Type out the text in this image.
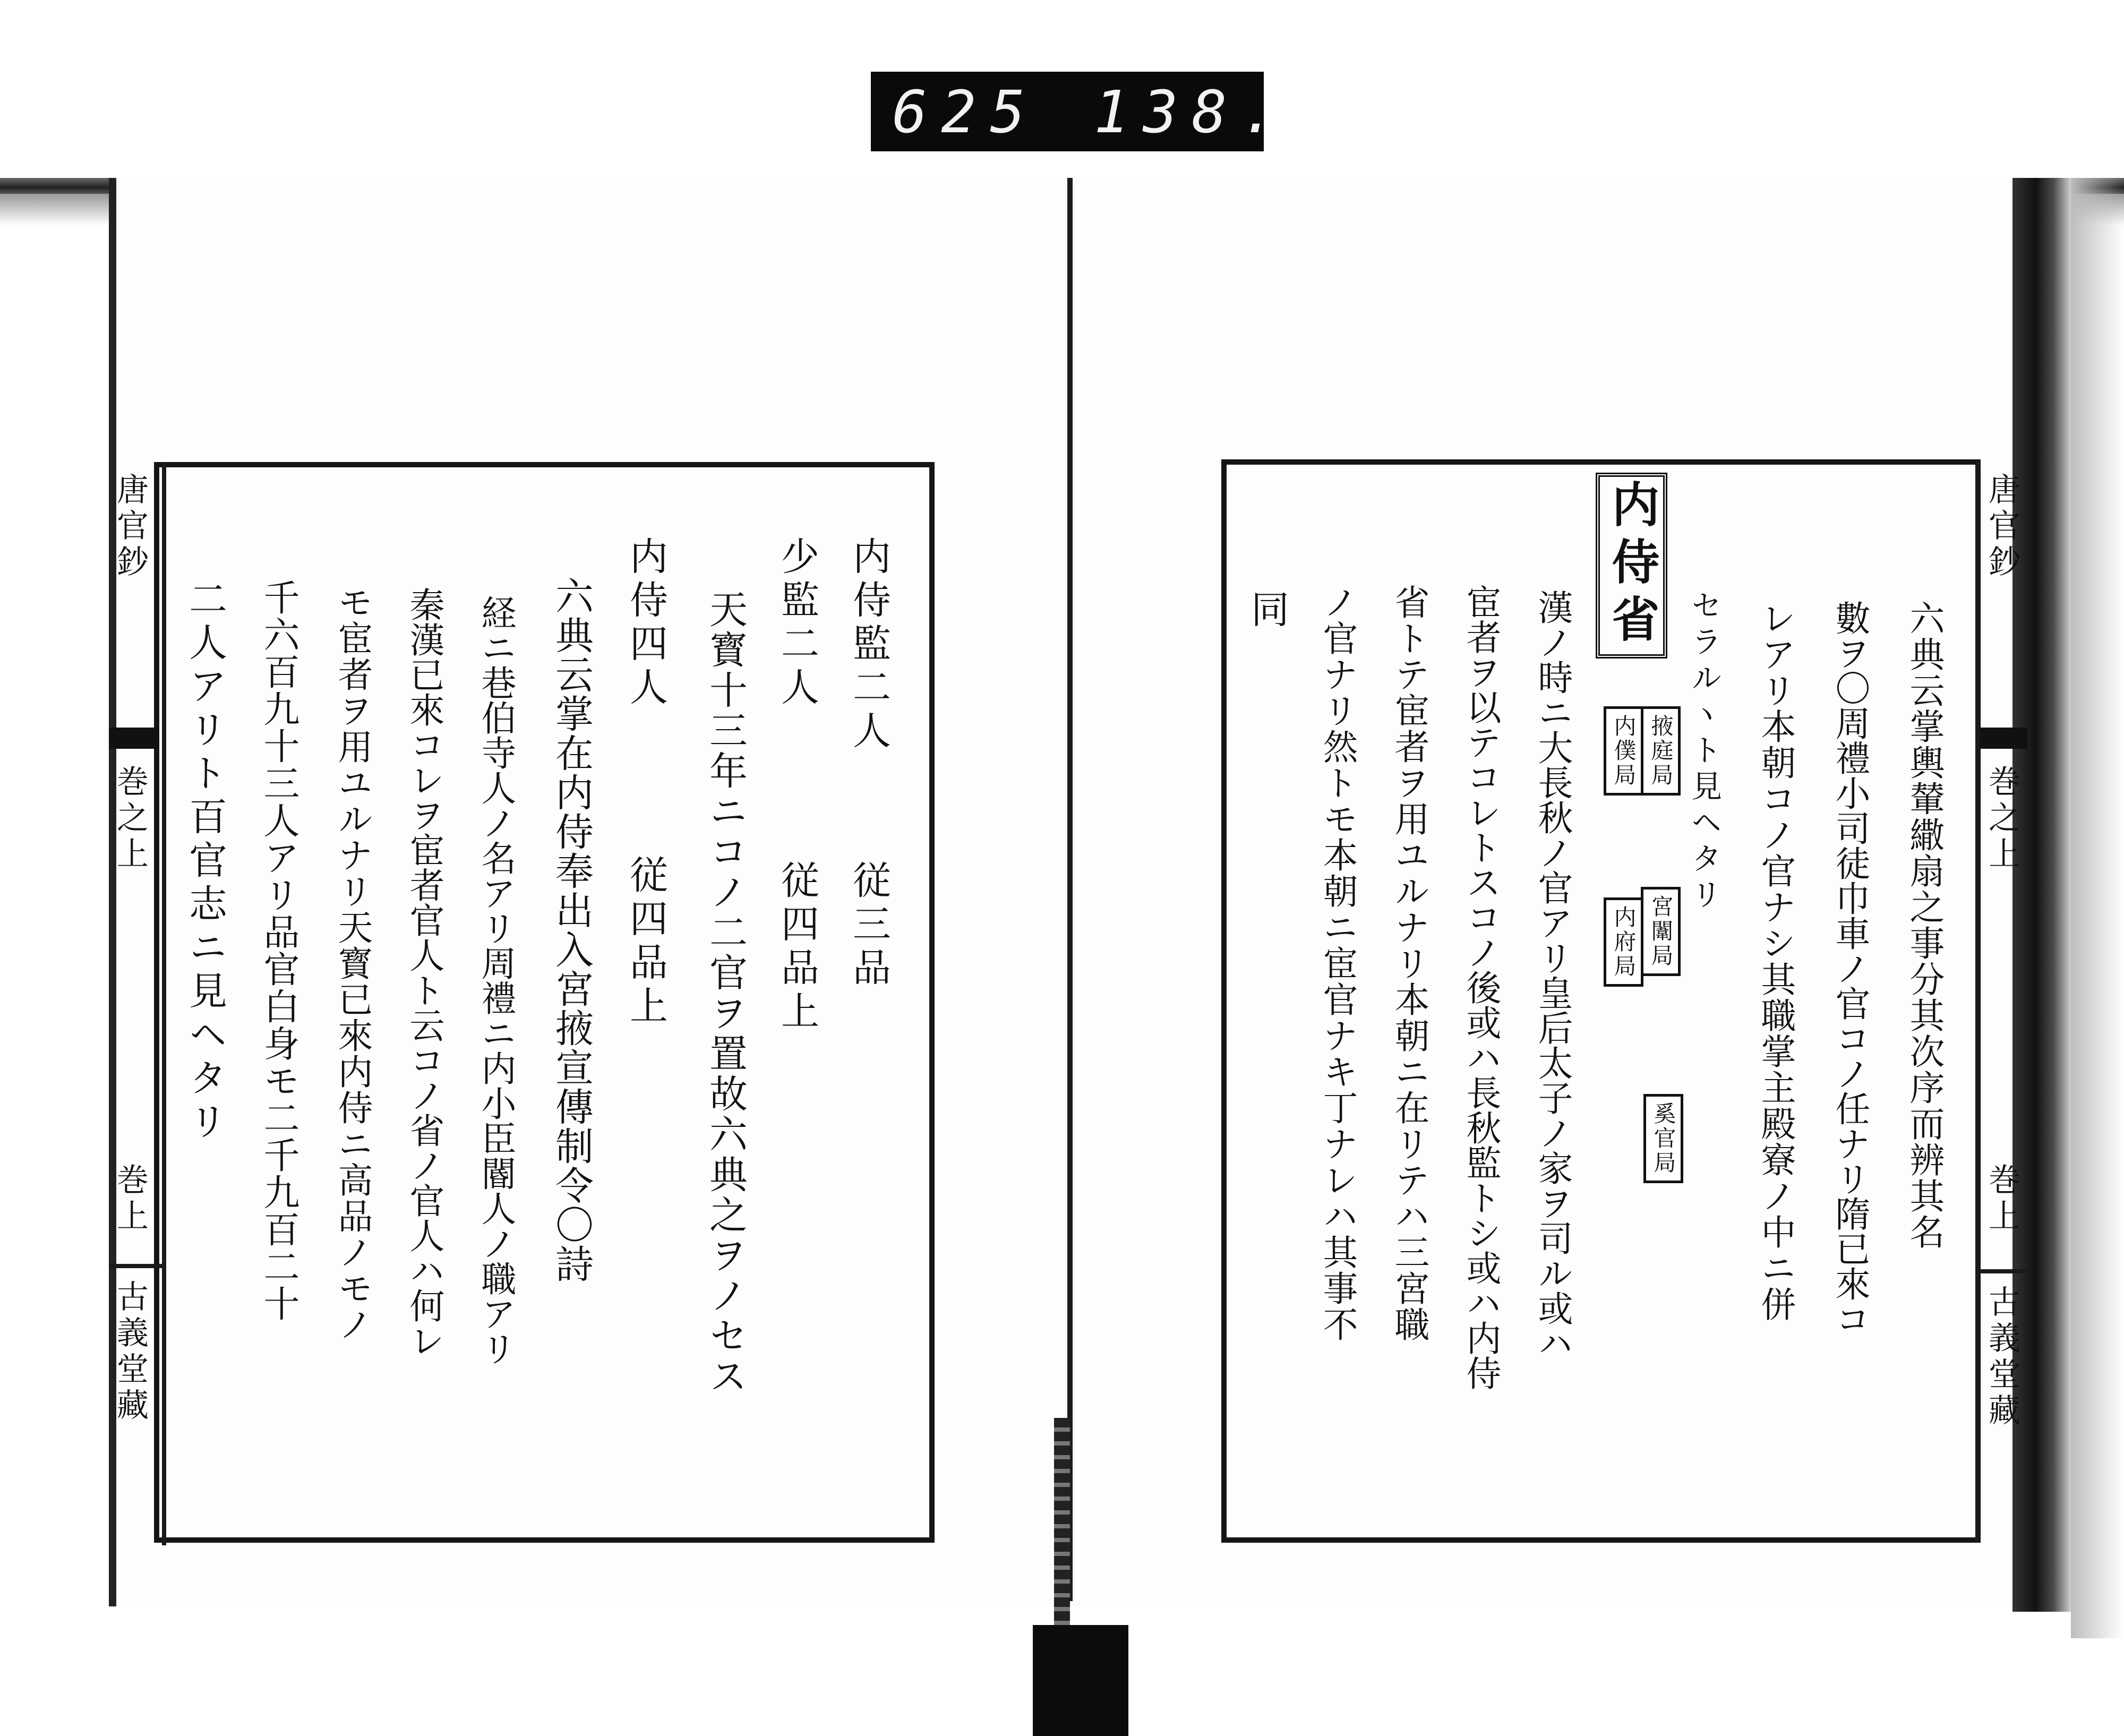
625 138.
唐官鈔
巻之上
巻上
古義堂藏
内侍監二人
従三品
少監二人
従四品上
天寳十三年ニコノ二官ヲ置故六典之ヲノセス
内侍四人
従四品上
六典云掌在内侍奉出入宮掖宣傳制令〇詩
経ニ巷伯寺人ノ名アリ周禮ニ内小臣閽人ノ職アリ
秦漢已來コレヲ宦者官人ト云コノ省ノ官人ハ何レ
モ宦者ヲ用ユルナリ天寳已來内侍ニ高品ノモノ
千六百九十三人アリ品官白身モ二千九百二十
二人アリト百官志ニ見ヘタリ
唐官鈔
巻之上
巻上
古義堂藏
六典云掌輿輦繖扇之事分其次序而辨其名
數ヲ〇周禮小司徒巾車ノ官コノ任ナリ隋已來コ
レアリ本朝コノ官ナシ其職掌主殿寮ノ中ニ併
セラルヽト見ヘタリ
内侍省
掖庭局
内僕局
宮闈局
内府局
奚官局
漢ノ時ニ大長秋ノ官アリ皇后太子ノ家ヲ司ル或ハ
宦者ヲ以テコレトスコノ後或ハ長秋監トシ或ハ内侍
省トテ宦者ヲ用ユルナリ本朝ニ在リテハ三宮職
ノ官ナリ然トモ本朝ニ宦官ナキ丁ナレハ其事不
同
